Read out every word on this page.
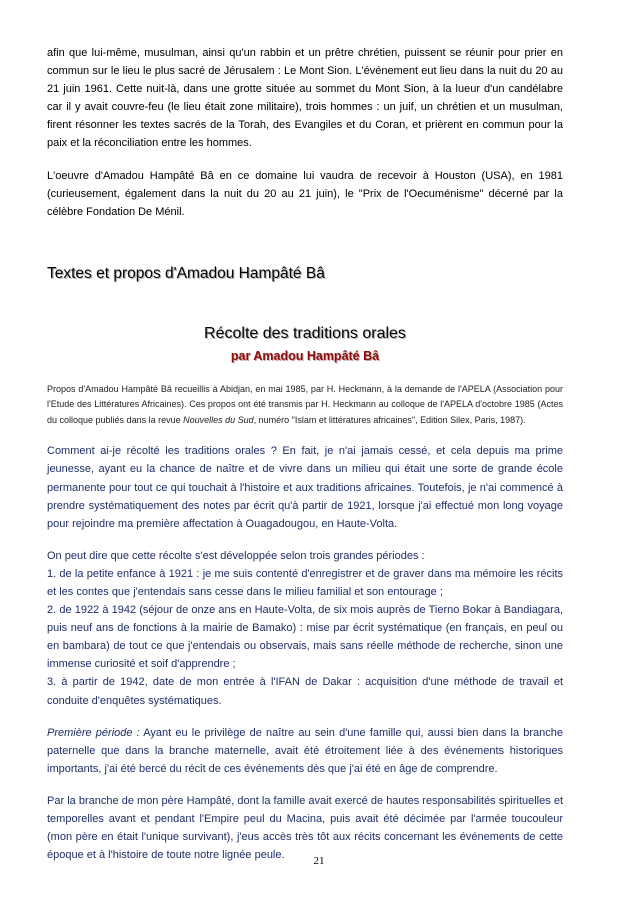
afin que lui-même, musulman, ainsi qu'un rabbin et un prêtre chrétien, puissent se réunir pour prier en commun sur le lieu le plus sacré de Jérusalem : Le Mont Sion. L'événement eut lieu dans la nuit du 20 au 21 juin 1961. Cette nuit-là, dans une grotte située au sommet du Mont Sion, à la lueur d'un candélabre car il y avait couvre-feu (le lieu était zone militaire), trois hommes : un juif, un chrétien et un musulman, firent résonner les textes sacrés de la Torah, des Evangiles et du Coran, et prièrent en commun pour la paix et la réconciliation entre les hommes.

L'oeuvre d'Amadou Hampâté Bâ en ce domaine lui vaudra de recevoir à Houston (USA), en 1981 (curieusement, également dans la nuit du 20 au 21 juin), le "Prix de l'Oecuménisme" décerné par la célèbre Fondation De Ménil.

Textes et propos d'Amadou Hampâté Bâ
Récolte des traditions orales
par Amadou Hampâté Bâ

Propos d'Amadou Hampâté Bâ recueillis à Abidjan, en mai 1985, par H. Heckmann, à la demande de l'APELA (Association pour l'Etude des Littératures Africaines). Ces propos ont été transmis par H. Heckmann au colloque de l'APELA d'octobre 1985 (Actes du colloque publiés dans la revue Nouvelles du Sud, numéro "Islam et littératures africaines", Edition Silex, Paris, 1987).

Comment ai-je récolté les traditions orales ? En fait, je n'ai jamais cessé, et cela depuis ma prime jeunesse, ayant eu la chance de naître et de vivre dans un milieu qui était une sorte de grande école permanente pour tout ce qui touchait à l'histoire et aux traditions africaines. Toutefois, je n'ai commencé à prendre systématiquement des notes par écrit qu'à partir de 1921, lorsque j'ai effectué mon long voyage pour rejoindre ma première affectation à Ouagadougou, en Haute-Volta.

On peut dire que cette récolte s'est développée selon trois grandes périodes :

1. de la petite enfance à 1921 : je me suis contenté d'enregistrer et de graver dans ma mémoire les récits et les contes que j'entendais sans cesse dans le milieu familial et son entourage ;

2. de 1922 à 1942 (séjour de onze ans en Haute-Volta, de six mois auprès de Tierno Bokar à Bandiagara, puis neuf ans de fonctions à la mairie de Bamako) : mise par écrit systématique (en français, en peul ou en bambara) de tout ce que j'entendais ou observais, mais sans réelle méthode de recherche, sinon une immense curiosité et soif d'apprendre ;

3. à partir de 1942, date de mon entrée à l'IFAN de Dakar : acquisition d'une méthode de travail et conduite d'enquêtes systématiques.

Première période : Ayant eu le privilège de naître au sein d'une famille qui, aussi bien dans la branche paternelle que dans la branche maternelle, avait été étroitement liée à des événements historiques importants, j'ai été bercé du récit de ces événements dès que j'ai été en âge de comprendre.

Par la branche de mon père Hampâté, dont la famille avait exercé de hautes responsabilités spirituelles et temporelles avant et pendant l'Empire peul du Macina, puis avait été décimée par l'armée toucouleur (mon père en était l'unique survivant), j'eus accès très tôt aux récits concernant les événements de cette époque et à l'histoire de toute notre lignée peule.	21
